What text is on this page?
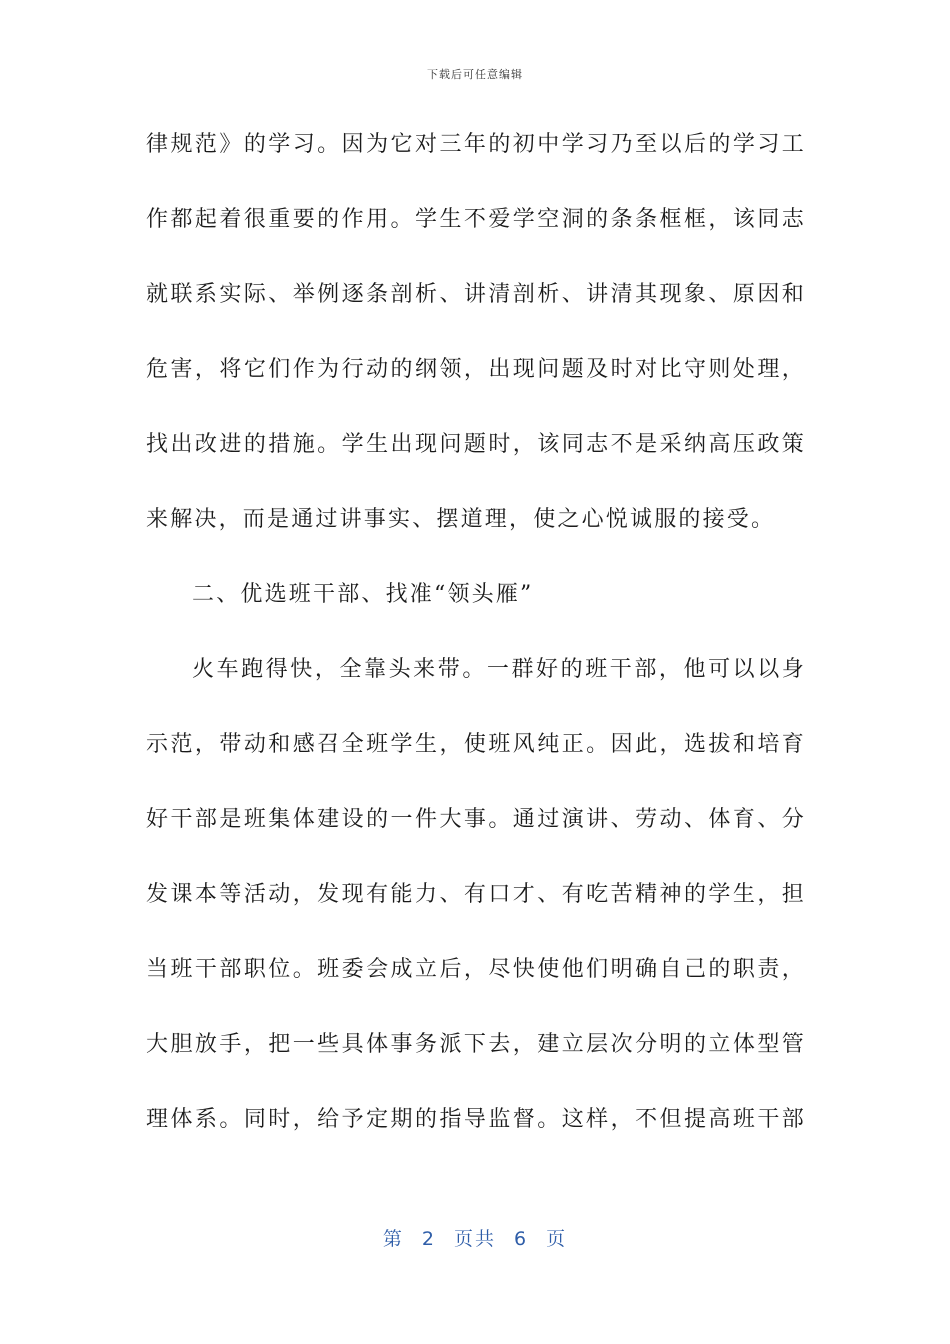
下载后可任意编辑
律规范》的学习。因为它对三年的初中学习乃至以后的学习工
作都起着很重要的作用。学生不爱学空洞的条条框框，该同志
就联系实际、举例逐条剖析、讲清剖析、讲清其现象、原因和
危害，将它们作为行动的纲领，出现问题及时对比守则处理，
找出改进的措施。学生出现问题时，该同志不是采纳高压政策
来解决，而是通过讲事实、摆道理，使之心悦诚服的接受。
二、优选班干部、找准“领头雁”
火车跑得快，全靠头来带。一群好的班干部，他可以以身
示范，带动和感召全班学生，使班风纯正。因此，选拔和培育
好干部是班集体建设的一件大事。通过演讲、劳动、体育、分
发课本等活动，发现有能力、有口才、有吃苦精神的学生，担
当班干部职位。班委会成立后，尽快使他们明确自己的职责，
大胆放手，把一些具体事务派下去，建立层次分明的立体型管
理体系。同时，给予定期的指导监督。这样，不但提高班干部
第 2 页共 6 页
